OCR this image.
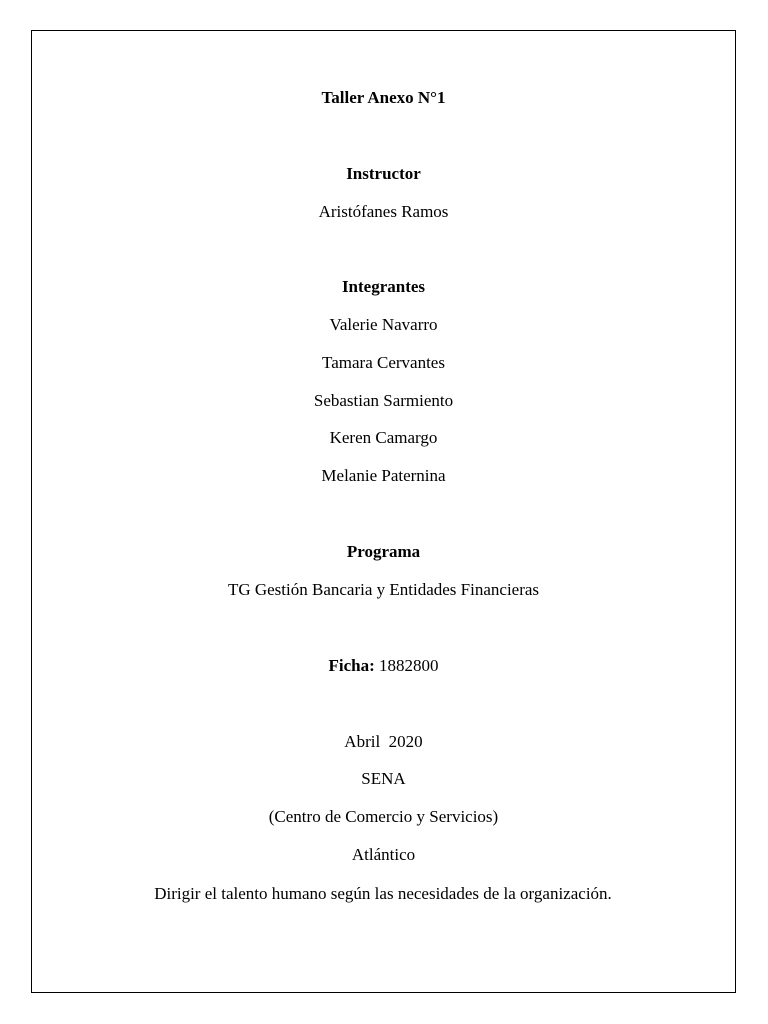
Taller Anexo N°1
Instructor
Aristófanes Ramos
Integrantes
Valerie Navarro
Tamara Cervantes
Sebastian Sarmiento
Keren Camargo
Melanie Paternina
Programa
TG Gestión Bancaria y Entidades Financieras
Ficha: 1882800
Abril  2020
SENA
(Centro de Comercio y Servicios)
Atlántico
Dirigir el talento humano según las necesidades de la organización.
